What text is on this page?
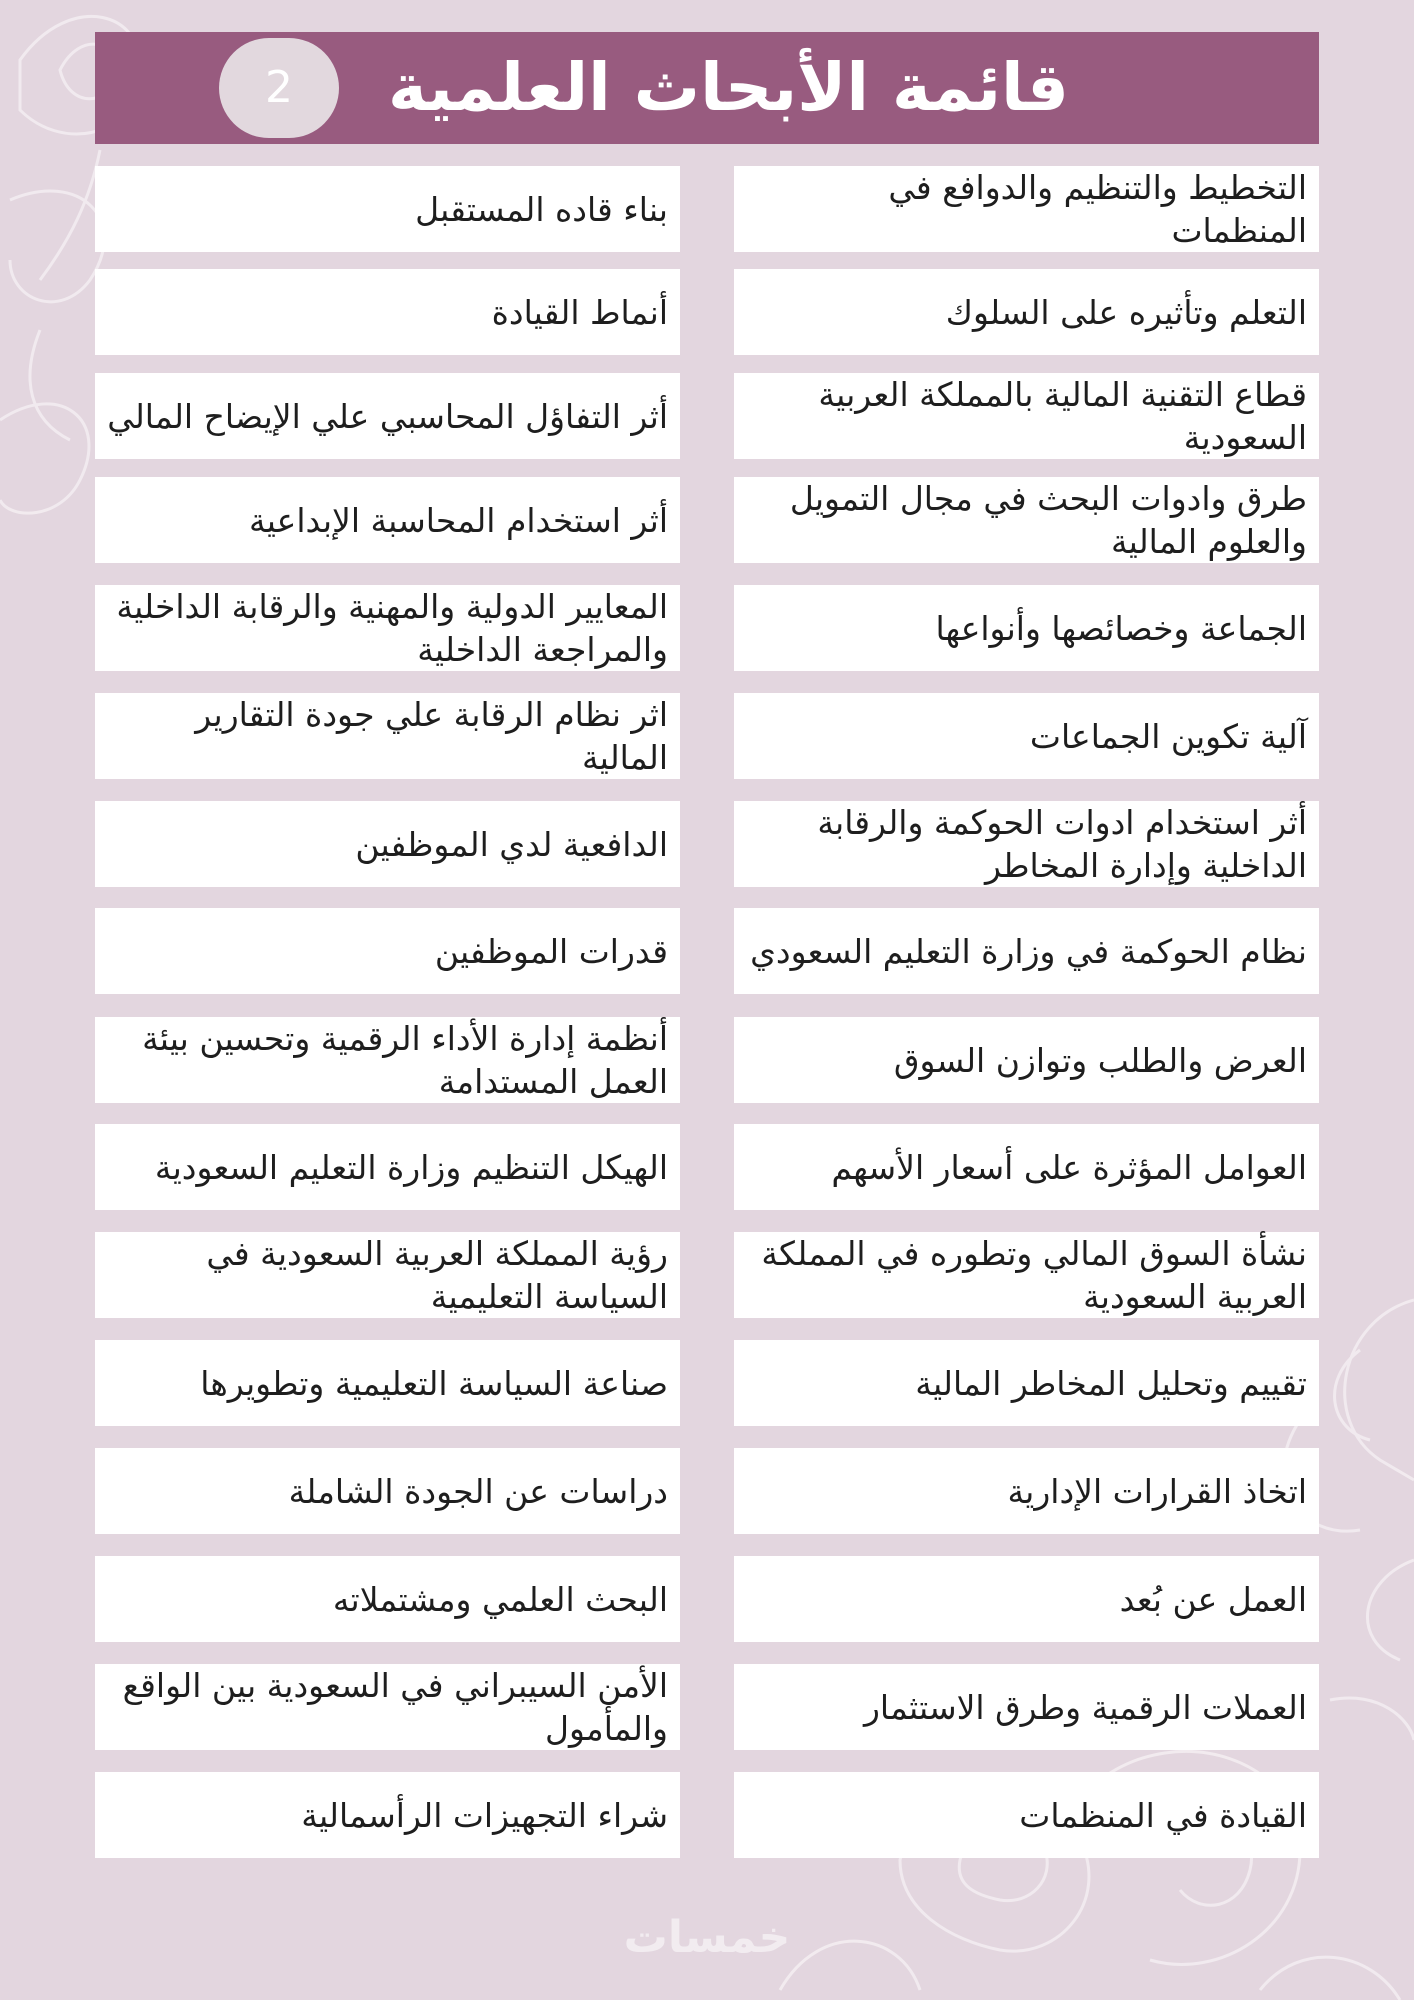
قائمة الأبحاث العلمية
2
التخطيط والتنظيم والدوافع في المنظمات
بناء قاده المستقبل
التعلم وتأثيره على السلوك
أنماط القيادة
قطاع التقنية المالية بالمملكة العربية السعودية
أثر التفاؤل المحاسبي علي الإيضاح المالي
طرق وادوات البحث في مجال التمويل والعلوم المالية
أثر استخدام المحاسبة الإبداعية
الجماعة وخصائصها وأنواعها
المعايير الدولية والمهنية والرقابة الداخلية والمراجعة الداخلية
آلية تكوين الجماعات
اثر نظام الرقابة علي جودة التقارير المالية
أثر استخدام ادوات الحوكمة والرقابة الداخلية وإدارة المخاطر
الدافعية لدي الموظفين
نظام الحوكمة في وزارة التعليم السعودي
قدرات الموظفين
العرض والطلب وتوازن السوق
أنظمة إدارة الأداء الرقمية وتحسين بيئة العمل المستدامة
العوامل المؤثرة على أسعار الأسهم
الهيكل التنظيم وزارة التعليم السعودية
نشأة السوق المالي وتطوره في المملكة العربية السعودية
رؤية المملكة العربية السعودية في السياسة التعليمية
تقييم وتحليل المخاطر المالية
صناعة السياسة التعليمية وتطويرها
اتخاذ القرارات الإدارية
دراسات عن الجودة الشاملة
العمل عن بُعد
البحث العلمي ومشتملاته
العملات الرقمية وطرق الاستثمار
الأمن السيبراني في السعودية بين الواقع والمأمول
القيادة في المنظمات
شراء التجهيزات الرأسمالية
خمسات
